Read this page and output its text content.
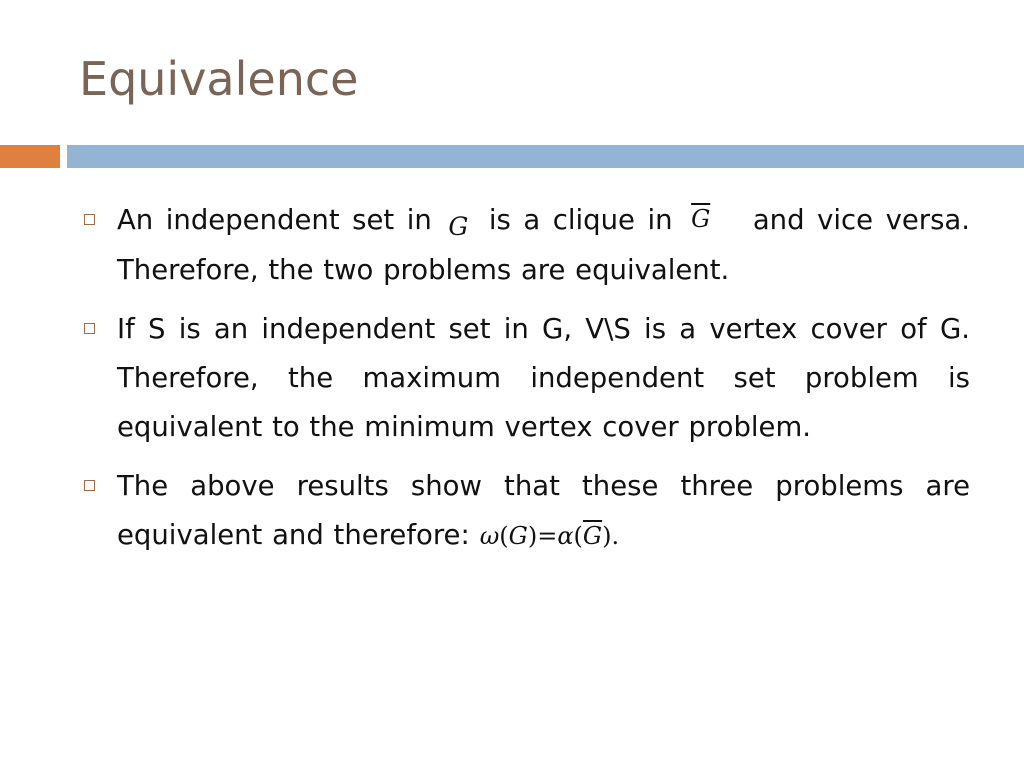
Equivalence
An independent set in G is a clique in $\overline{G}$ and vice versa. Therefore, the two problems are equivalent.
If S is an independent set in G, V\S is a vertex cover of G. Therefore, the maximum independent set problem is equivalent to the minimum vertex cover problem.
The above results show that these three problems are equivalent and therefore: $\omega(G)=\alpha(\overline{G})$.
